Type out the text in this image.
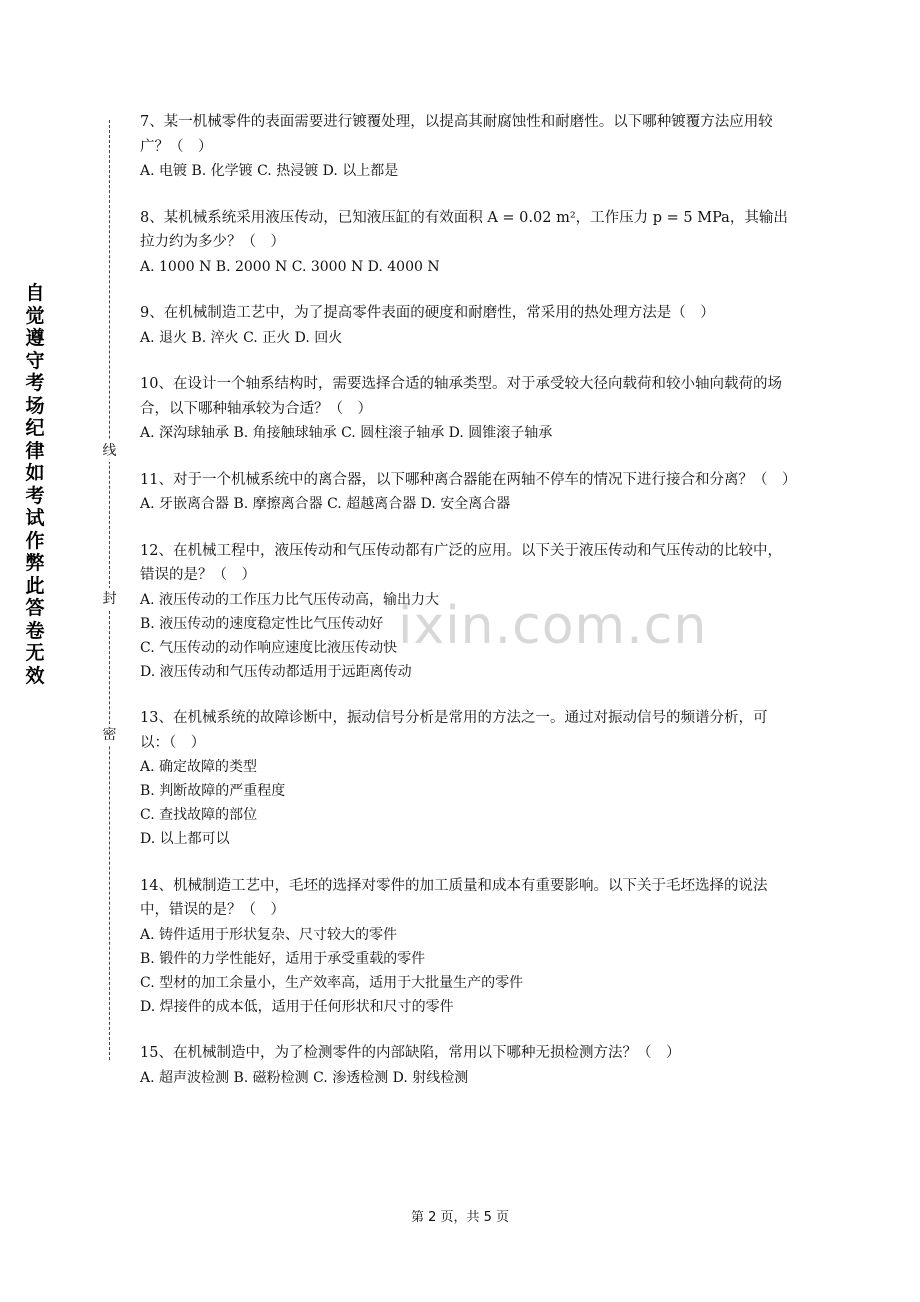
自觉遵守考场纪律如考试作弊此答卷无效
线
封
密
ixin.com.cn

7、某一机械零件的表面需要进行镀覆处理，以提高其耐腐蚀性和耐磨性。以下哪种镀覆方法应用较广？（　）

A. 电镀 B. 化学镀 C. 热浸镀 D. 以上都是

8、某机械系统采用液压传动，已知液压缸的有效面积 A = 0.02 m²，工作压力 p = 5 MPa，其输出拉力约为多少？（　）

A. 1000 N B. 2000 N C. 3000 N D. 4000 N

9、在机械制造工艺中，为了提高零件表面的硬度和耐磨性，常采用的热处理方法是（　）

A. 退火 B. 淬火 C. 正火 D. 回火

10、在设计一个轴系结构时，需要选择合适的轴承类型。对于承受较大径向载荷和较小轴向载荷的场合，以下哪种轴承较为合适？（　）

A. 深沟球轴承 B. 角接触球轴承 C. 圆柱滚子轴承 D. 圆锥滚子轴承

11、对于一个机械系统中的离合器，以下哪种离合器能在两轴不停车的情况下进行接合和分离？（　）

A. 牙嵌离合器 B. 摩擦离合器 C. 超越离合器 D. 安全离合器

12、在机械工程中，液压传动和气压传动都有广泛的应用。以下关于液压传动和气压传动的比较中，错误的是？（　）

A. 液压传动的工作压力比气压传动高，输出力大
B. 液压传动的速度稳定性比气压传动好
C. 气压传动的动作响应速度比液压传动快
D. 液压传动和气压传动都适用于远距离传动

13、在机械系统的故障诊断中，振动信号分析是常用的方法之一。通过对振动信号的频谱分析，可以：（　）

A. 确定故障的类型
B. 判断故障的严重程度
C. 查找故障的部位
D. 以上都可以

14、机械制造工艺中，毛坯的选择对零件的加工质量和成本有重要影响。以下关于毛坯选择的说法中，错误的是？（　）

A. 铸件适用于形状复杂、尺寸较大的零件
B. 锻件的力学性能好，适用于承受重载的零件
C. 型材的加工余量小，生产效率高，适用于大批量生产的零件
D. 焊接件的成本低，适用于任何形状和尺寸的零件

15、在机械制造中，为了检测零件的内部缺陷，常用以下哪种无损检测方法？（　）

A. 超声波检测 B. 磁粉检测 C. 渗透检测 D. 射线检测
第 2 页，共 5 页
